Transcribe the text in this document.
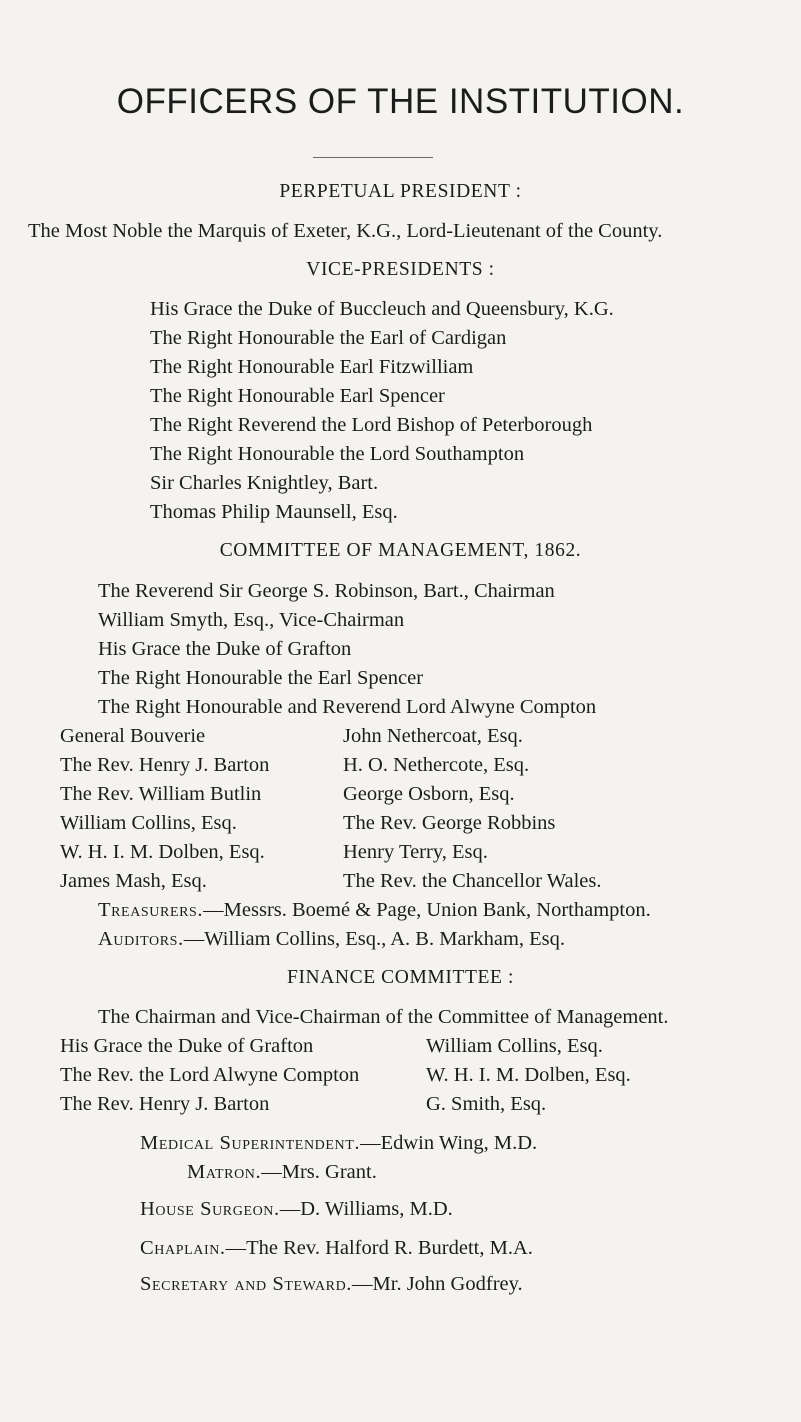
OFFICERS OF THE INSTITUTION.
PERPETUAL PRESIDENT :
The Most Noble the Marquis of Exeter, K.G., Lord-Lieutenant of the County.
VICE-PRESIDENTS :
His Grace the Duke of Buccleuch and Queensbury, K.G.
The Right Honourable the Earl of Cardigan
The Right Honourable Earl Fitzwilliam
The Right Honourable Earl Spencer
The Right Reverend the Lord Bishop of Peterborough
The Right Honourable the Lord Southampton
Sir Charles Knightley, Bart.
Thomas Philip Maunsell, Esq.
COMMITTEE OF MANAGEMENT, 1862.
The Reverend Sir George S. Robinson, Bart., Chairman
William Smyth, Esq., Vice-Chairman
His Grace the Duke of Grafton
The Right Honourable the Earl Spencer
The Right Honourable and Reverend Lord Alwyne Compton
General Bouverie
The Rev. Henry J. Barton
The Rev. William Butlin
William Collins, Esq.
W. H. I. M. Dolben, Esq.
James Mash, Esq.
John Nethercoat, Esq.
H. O. Nethercote, Esq.
George Osborn, Esq.
The Rev. George Robbins
Henry Terry, Esq.
The Rev. the Chancellor Wales.
Treasurers.—Messrs. Boemé & Page, Union Bank, Northampton.
Auditors.—William Collins, Esq., A. B. Markham, Esq.
FINANCE COMMITTEE :
The Chairman and Vice-Chairman of the Committee of Management.
His Grace the Duke of Grafton
The Rev. the Lord Alwyne Compton
The Rev. Henry J. Barton
William Collins, Esq.
W. H. I. M. Dolben, Esq.
G. Smith, Esq.
Medical Superintendent.—Edwin Wing, M.D.
Matron.—Mrs. Grant.
House Surgeon.—D. Williams, M.D.
Chaplain.—The Rev. Halford R. Burdett, M.A.
Secretary and Steward.—Mr. John Godfrey.
